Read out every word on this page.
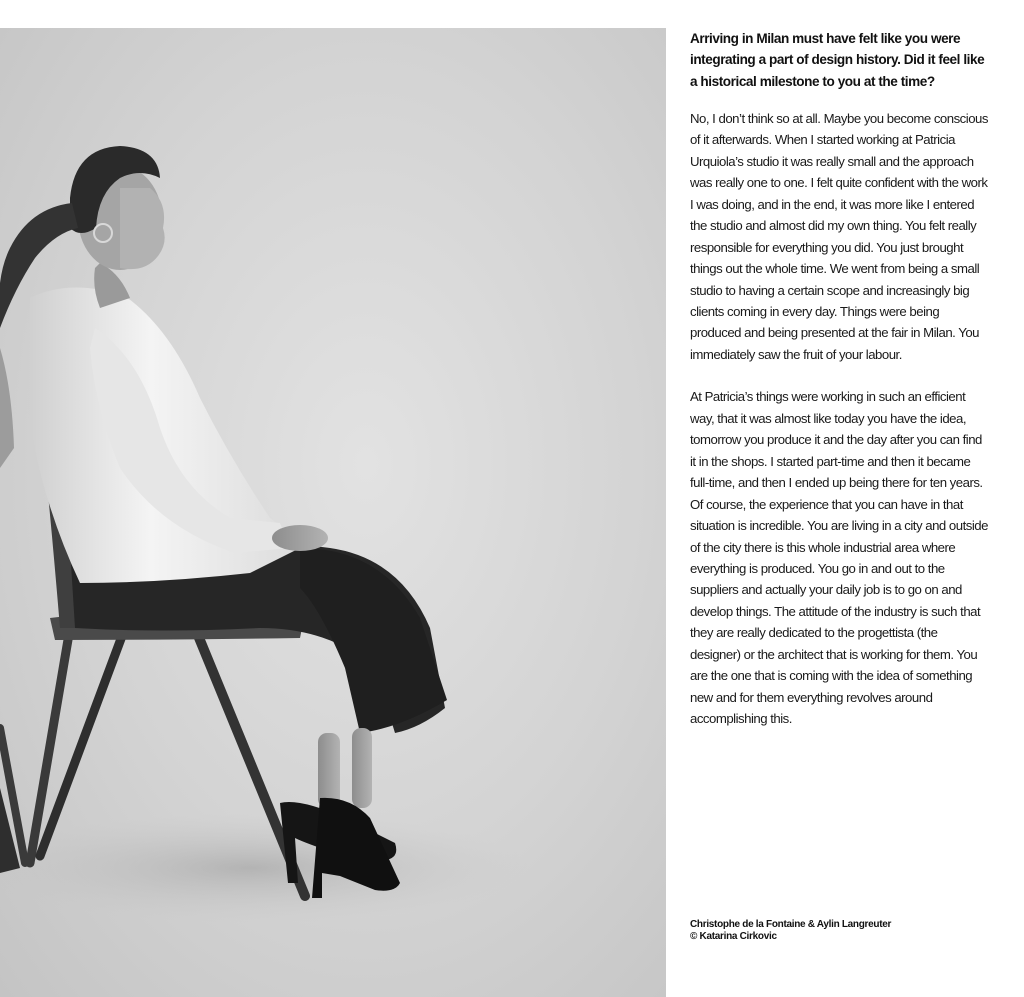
Arriving in Milan must have felt like you were integrating a part of design history. Did it feel like a historical milestone to you at the time?

No, I don’t think so at all. Maybe you become conscious of it afterwards. When I started working at Patricia Urquiola’s studio it was really small and the approach was really one to one. I felt quite confident with the work I was doing, and in the end, it was more like I entered the studio and almost did my own thing. You felt really responsible for everything you did. You just brought things out the whole time. We went from being a small studio to having a certain scope and increasingly big clients coming in every day. Things were being produced and being presented at the fair in Milan. You immediately saw the fruit of your labour.

At Patricia’s things were working in such an efficient way, that it was almost like today you have the idea, tomorrow you produce it and the day after you can find it in the shops. I started part-time and then it became full-time, and then I ended up being there for ten years. Of course, the experience that you can have in that situation is incredible. You are living in a city and outside of the city there is this whole industrial area where everything is produced. You go in and out to the suppliers and actually your daily job is to go on and develop things. The attitude of the industry is such that they are really dedicated to the progettista (the designer) or the architect that is working for them. You are the one that is coming with the idea of something new and for them everything revolves around accomplishing this.

Christophe de la Fontaine & Aylin Langreuter
© Katarina Cirkovic
